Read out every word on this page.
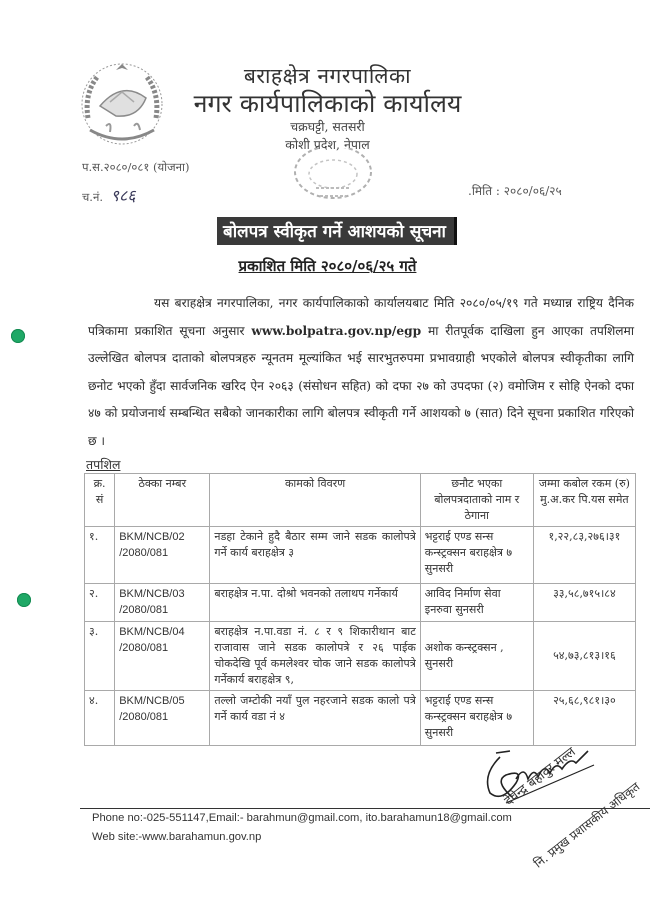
बराहक्षेत्र नगरपालिका
नगर कार्यपालिकाको कार्यालय
चक्रघट्टी, सतसरी
कोशी प्रदेश, नेपाल
प.स.२०८०/०८१ (योजना)
च.नं. ९८६	.मिति : २०८०/०६/२५
बोलपत्र स्वीकृत गर्ने आशयको सूचना
प्रकाशित मिति २०८०/०६/२५ गते

यस बराहक्षेत्र नगरपालिका, नगर कार्यपालिकाको कार्यालयबाट मिति २०८०/०५/१९ गते मध्यान्न राष्ट्रिय दैनिक पत्रिकामा प्रकाशित सूचना अनुसार www.bolpatra.gov.np/egp मा रीतपूर्वक दाखिला हुन आएका तपशिलमा उल्लेखित बोलपत्र दाताको बोलपत्रहरु न्यूनतम मूल्यांकित भई सारभुतरुपमा प्रभावग्राही भएकोले बोलपत्र स्वीकृतीका लागि छनोट भएको हुँदा सार्वजनिक खरिद ऐन २०६३ (संसोधन सहित) को दफा २७ को उपदफा (२) वमोजिम र सोहि ऐनको दफा ४७ को प्रयोजनार्थ सम्बन्धित सबैको जानकारीका लागि बोलपत्र स्वीकृती गर्ने आशयको ७ (सात) दिने सूचना प्रकाशित गरिएको छ ।

तपशिल
क्र. सं	ठेक्का नम्बर	कामको विवरण	छनौट भएका बोलपत्रदाताको नाम र ठेगाना	जम्मा कबोल रकम (रु) मु.अ.कर पि.यस समेत
१.	BKM/NCB/02 /2080/081	नडहा टेकाने हुदै बैठार सम्म जाने सडक कालोपत्रे गर्ने कार्य बराहक्षेत्र ३	भट्टराई एण्ड सन्स कन्स्ट्रक्सन बराहक्षेत्र ७ सुनसरी	१,२२,८३,२७६।३१
२.	BKM/NCB/03 /2080/081	बराहक्षेत्र न.पा. दोश्रो भवनको तलाथप गर्नेकार्य	आविद निर्माण सेवा इनरुवा सुनसरी	३३,५८,७१५।८४
३.	BKM/NCB/04 /2080/081	बराहक्षेत्र न.पा.वडा नं. ८ र ९ शिकारीथान बाट राजावास जाने सडक कालोपत्रे र २६ पाईक चोकदेखि पूर्व कमलेश्वर चोक जाने सडक कालोपत्रे गर्नेकार्य बराहक्षेत्र ९,	अशोक कन्स्ट्रक्सन , सुनसरी	५४,७३,८१३।१६
४.	BKM/NCB/05 /2080/081	तल्लो जम्टोकी नयाँ पुल नहरजाने सडक कालो पत्रे गर्ने कार्य वडा नं ४	भट्टराई एण्ड सन्स कन्स्ट्रक्सन बराहक्षेत्र ७ सुनसरी	२५,६८,९८१।३०
देवेन्द्र बहादुर मल्ल
नि. प्रमुख प्रशासकीय अधिकृत
Phone no:-025-551147,Email:- barahmun@gmail.com, ito.barahamun18@gmail.com
Web site:-www.barahamun.gov.np
